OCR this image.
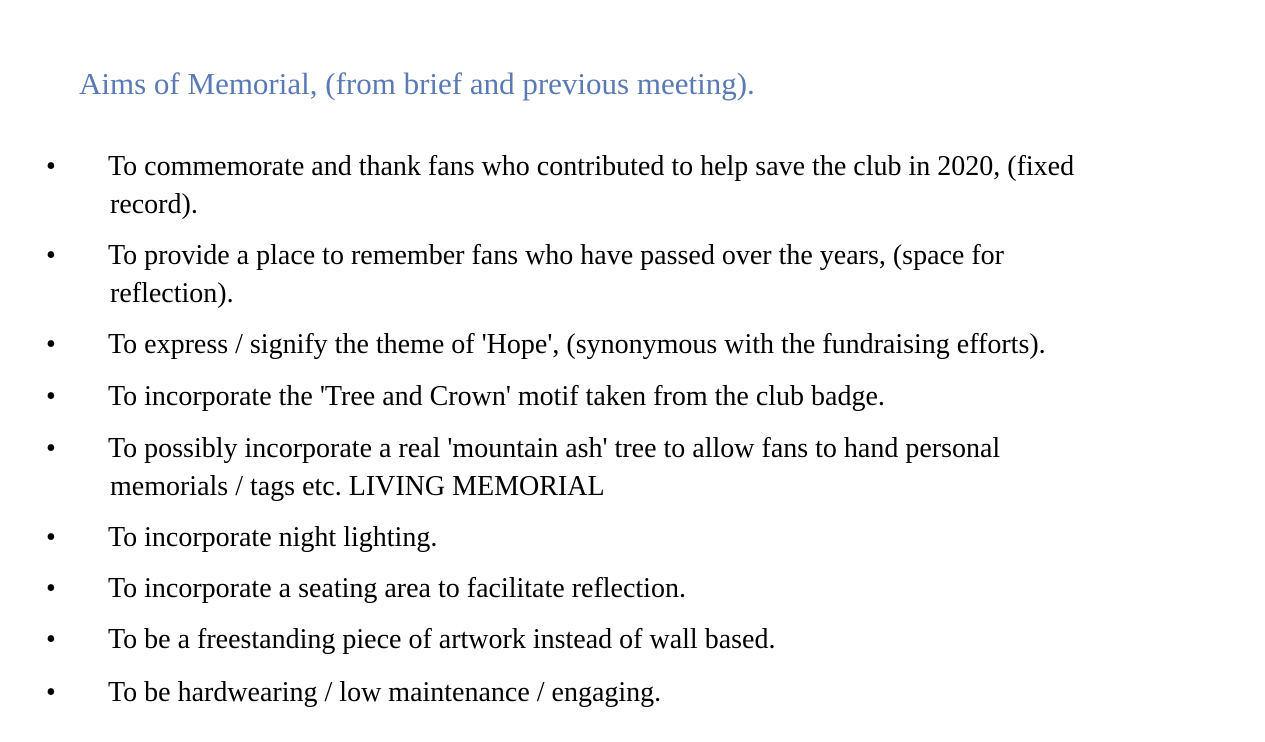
Aims of Memorial, (from brief and previous meeting).
• To commemorate and thank fans who contributed to help save the club in 2020, (fixed
record).
• To provide a place to remember fans who have passed over the years, (space for
reflection).
• To express / signify the theme of 'Hope', (synonymous with the fundraising efforts).
• To incorporate the 'Tree and Crown' motif taken from the club badge.
• To possibly incorporate a real 'mountain ash' tree to allow fans to hand personal
memorials / tags etc. LIVING MEMORIAL
• To incorporate night lighting.
• To incorporate a seating area to facilitate reflection.
• To be a freestanding piece of artwork instead of wall based.
• To be hardwearing / low maintenance / engaging.
